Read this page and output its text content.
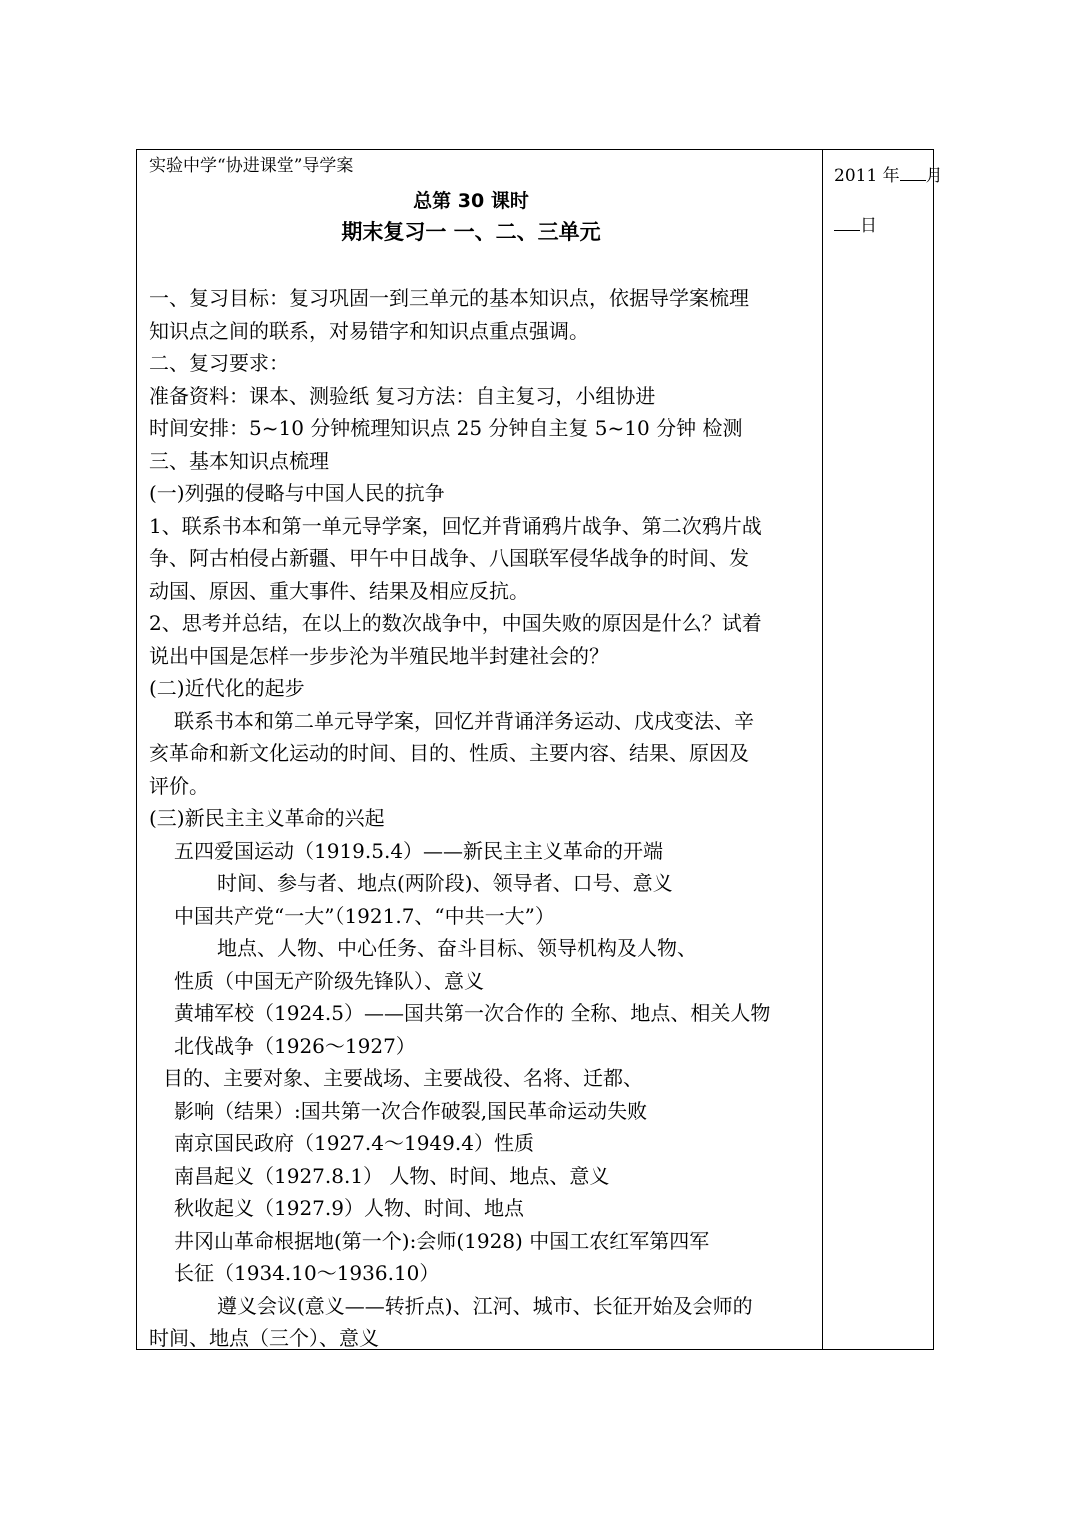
实验中学“协进课堂”导学案
总第 30 课时
期末复习一 一、二、三单元
一、复习目标：复习巩固一到三单元的基本知识点，依据导学案梳理
知识点之间的联系，对易错字和知识点重点强调。
二、复习要求：
准备资料：课本、测验纸 复习方法：自主复习，小组协进
时间安排：5~10 分钟梳理知识点 25 分钟自主复 5~10 分钟 检测
三、基本知识点梳理
(一)列强的侵略与中国人民的抗争
1、联系书本和第一单元导学案，回忆并背诵鸦片战争、第二次鸦片战
争、阿古柏侵占新疆、甲午中日战争、八国联军侵华战争的时间、发
动国、原因、重大事件、结果及相应反抗。
2、思考并总结，在以上的数次战争中，中国失败的原因是什么？试着
说出中国是怎样一步步沦为半殖民地半封建社会的？
(二)近代化的起步
联系书本和第二单元导学案，回忆并背诵洋务运动、戊戌变法、辛
亥革命和新文化运动的时间、目的、性质、主要内容、结果、原因及
评价。
(三)新民主主义革命的兴起
五四爱国运动（1919.5.4）——新民主主义革命的开端
时间、参与者、地点(两阶段)、领导者、口号、意义
中国共产党“一大”（1921.7、“中共一大”）
地点、人物、中心任务、奋斗目标、领导机构及人物、
性质（中国无产阶级先锋队）、意义
黄埔军校（1924.5）——国共第一次合作的 全称、地点、相关人物
北伐战争（1926～1927）
目的、主要对象、主要战场、主要战役、名将、迁都、
影响（结果）:国共第一次合作破裂,国民革命运动失败
南京国民政府（1927.4～1949.4）性质
南昌起义（1927.8.1） 人物、时间、地点、意义
秋收起义（1927.9）人物、时间、地点
井冈山革命根据地(第一个):会师(1928) 中国工农红军第四军
长征（1934.10～1936.10）
遵义会议(意义——转折点)、江河、城市、长征开始及会师的
时间、地点（三个）、意义
2011 年 月
日
